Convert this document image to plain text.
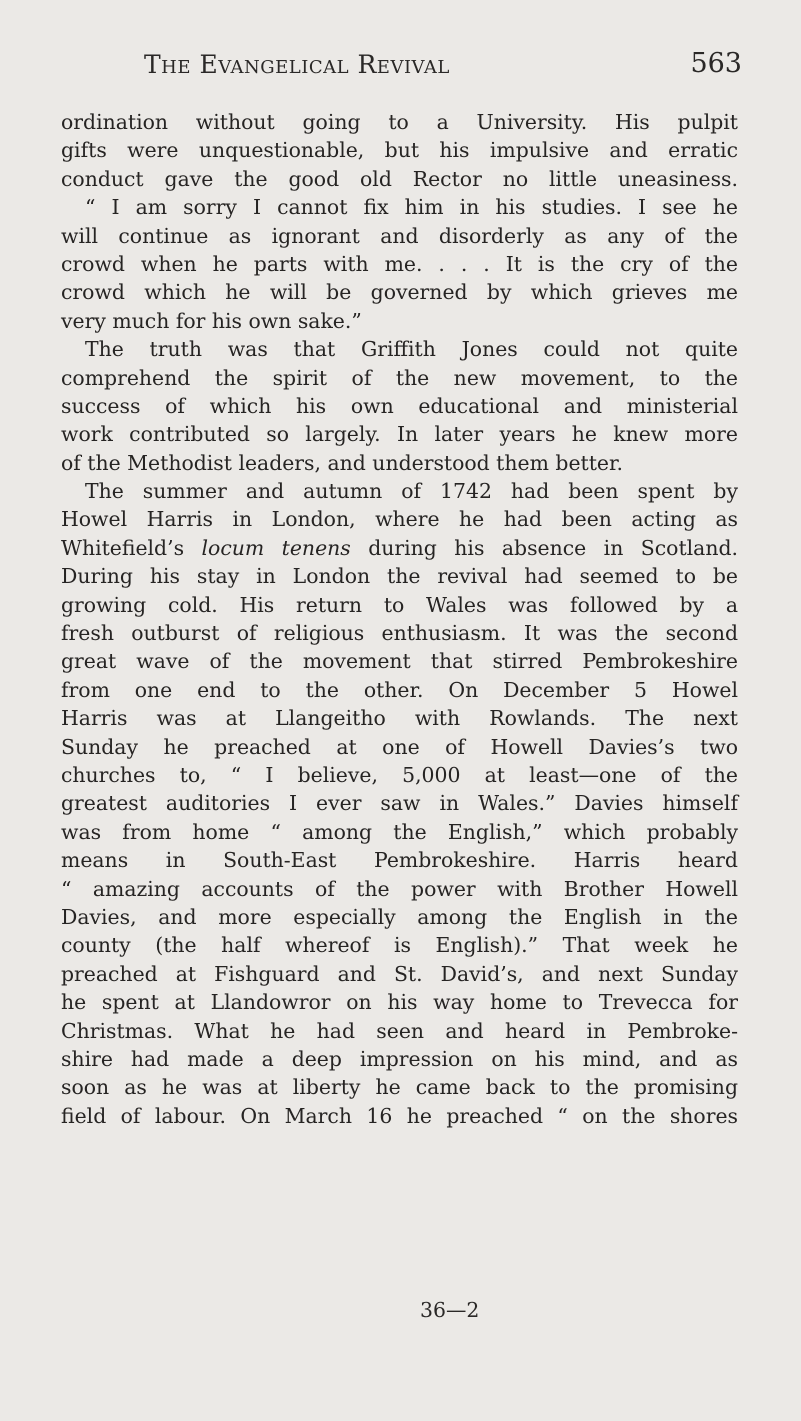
The Evangelical Revival	563
ordination without going to a University. His pulpit
gifts were unquestionable, but his impulsive and erratic
conduct gave the good old Rector no little uneasiness.
“ I am sorry I cannot fix him in his studies. I see he
will continue as ignorant and disorderly as any of the
crowd when he parts with me. . . . It is the cry of the
crowd which he will be governed by which grieves me
very much for his own sake.”
The truth was that Griffith Jones could not quite
comprehend the spirit of the new movement, to the
success of which his own educational and ministerial
work contributed so largely. In later years he knew more
of the Methodist leaders, and understood them better.
The summer and autumn of 1742 had been spent by
Howel Harris in London, where he had been acting as
Whitefield’s locum tenens during his absence in Scotland.
During his stay in London the revival had seemed to be
growing cold. His return to Wales was followed by a
fresh outburst of religious enthusiasm. It was the second
great wave of the movement that stirred Pembrokeshire
from one end to the other. On December 5 Howel
Harris was at Llangeitho with Rowlands. The next
Sunday he preached at one of Howell Davies’s two
churches to, “ I believe, 5,000 at least—one of the
greatest auditories I ever saw in Wales.” Davies himself
was from home “ among the English,” which probably
means in South-East Pembrokeshire. Harris heard
“ amazing accounts of the power with Brother Howell
Davies, and more especially among the English in the
county (the half whereof is English).” That week he
preached at Fishguard and St. David’s, and next Sunday
he spent at Llandowror on his way home to Trevecca for
Christmas. What he had seen and heard in Pembroke-
shire had made a deep impression on his mind, and as
soon as he was at liberty he came back to the promising
field of labour. On March 16 he preached “ on the shores
36—2
